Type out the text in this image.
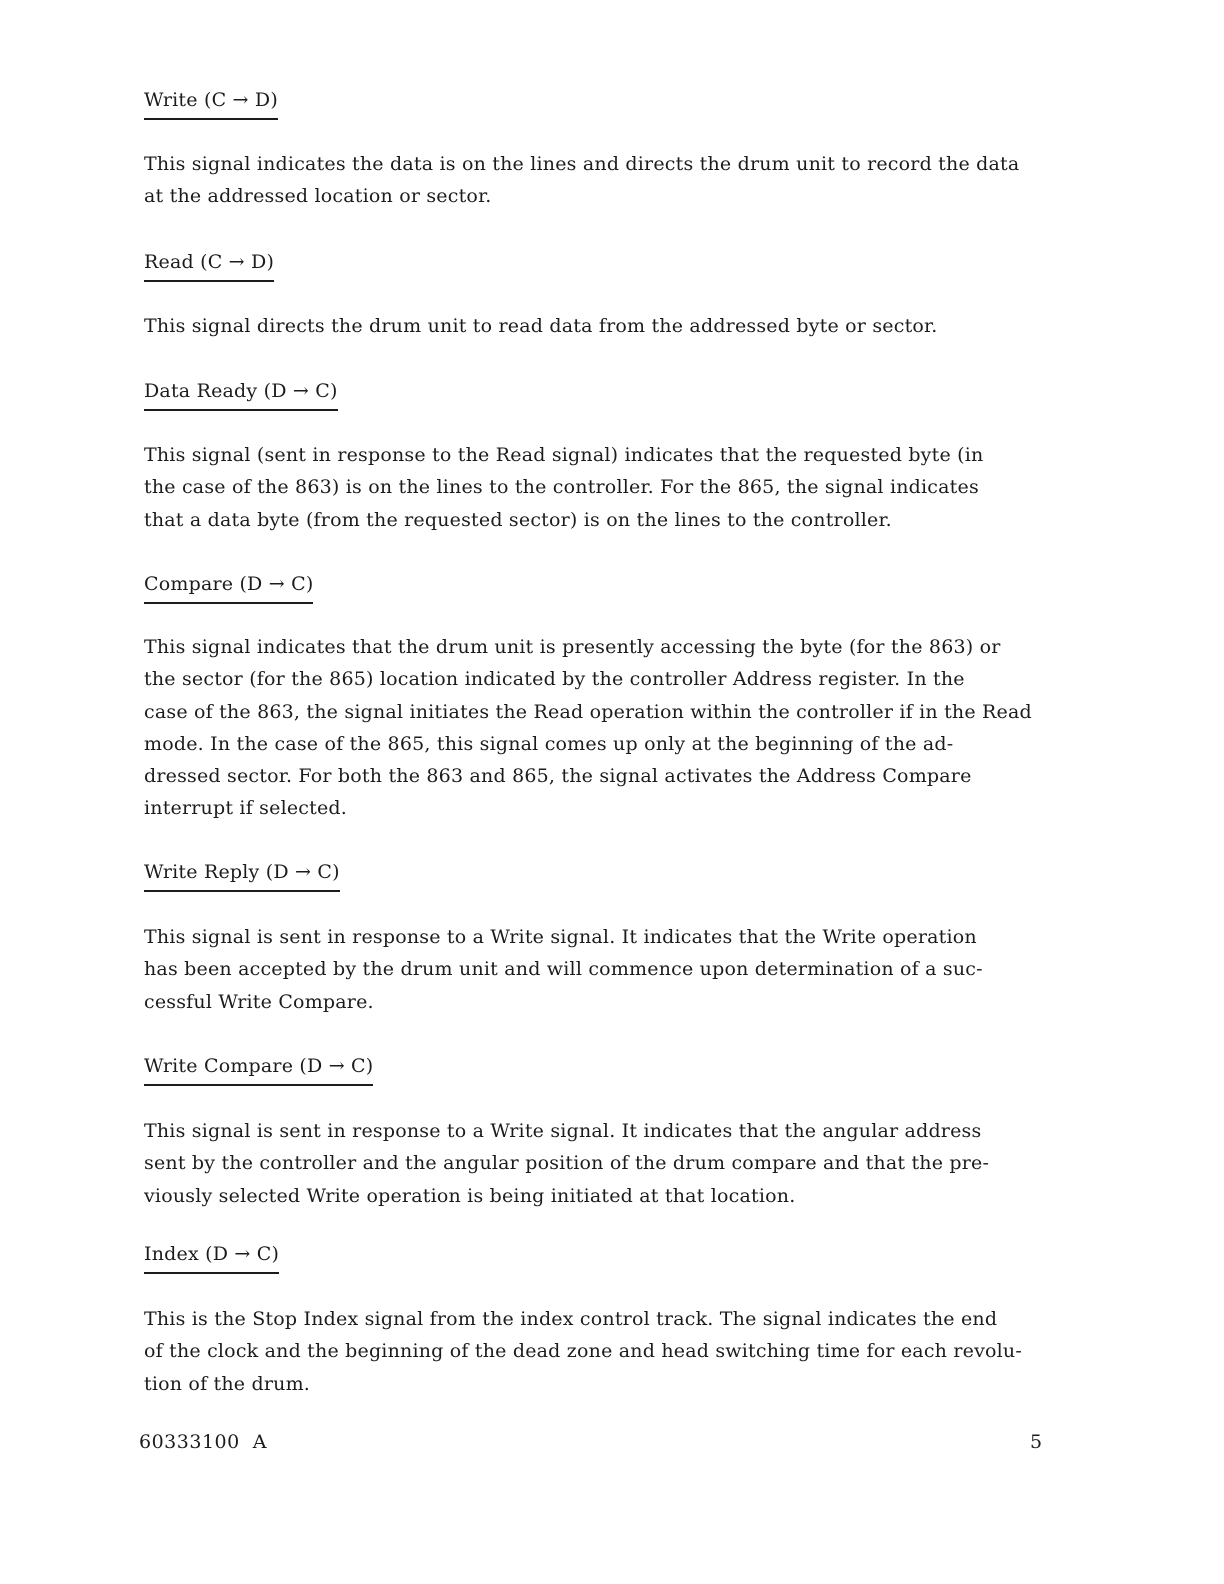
Write (C → D)

This signal indicates the data is on the lines and directs the drum unit to record the data
at the addressed location or sector.

Read (C → D)

This signal directs the drum unit to read data from the addressed byte or sector.

Data Ready (D → C)

This signal (sent in response to the Read signal) indicates that the requested byte (in
the case of the 863) is on the lines to the controller. For the 865, the signal indicates
that a data byte (from the requested sector) is on the lines to the controller.

Compare (D → C)

This signal indicates that the drum unit is presently accessing the byte (for the 863) or
the sector (for the 865) location indicated by the controller Address register. In the
case of the 863, the signal initiates the Read operation within the controller if in the Read
mode. In the case of the 865, this signal comes up only at the beginning of the ad-
dressed sector. For both the 863 and 865, the signal activates the Address Compare
interrupt if selected.

Write Reply (D → C)

This signal is sent in response to a Write signal. It indicates that the Write operation
has been accepted by the drum unit and will commence upon determination of a suc-
cessful Write Compare.

Write Compare (D → C)

This signal is sent in response to a Write signal. It indicates that the angular address
sent by the controller and the angular position of the drum compare and that the pre-
viously selected Write operation is being initiated at that location.

Index (D → C)

This is the Stop Index signal from the index control track. The signal indicates the end
of the clock and the beginning of the dead zone and head switching time for each revolu-
tion of the drum.

60333100  A	5
